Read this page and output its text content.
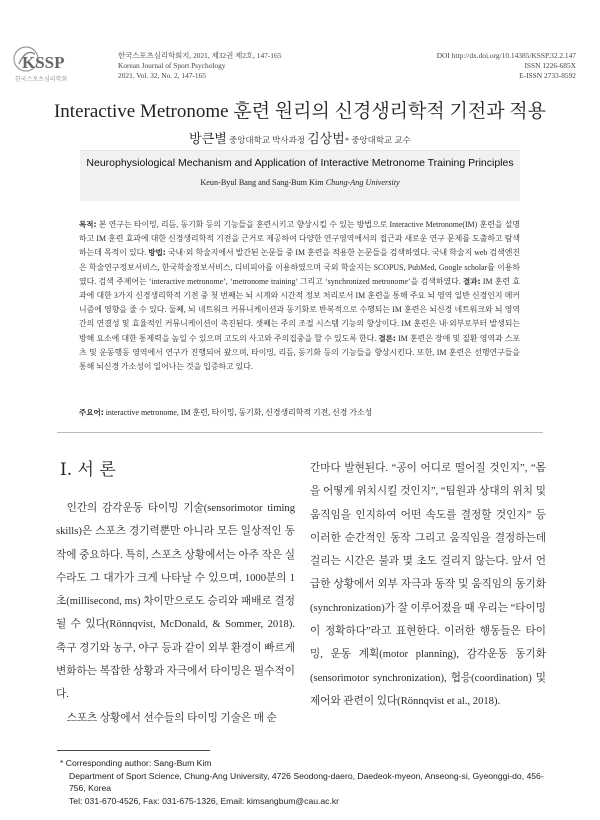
KSSP
한국스포츠심리학회
한국스포츠심리학회지, 2021, 제32권 제2호, 147-165
Korean Journal of Sport Psychology
2021. Vol. 32, No. 2, 147-165
DOI http://dx.doi.org/10.14385/KSSP.32.2.147
ISSN 1226-685X
E-ISSN 2733-8592
Interactive Metronome 훈련 원리의 신경생리학적 기전과 적용
방큰별 중앙대학교 박사과정 김상범* 중앙대학교 교수
Neurophysiological Mechanism and Application of Interactive Metronome Training Principles
Keun-Byul Bang and Sang-Bum Kim Chung-Ang University
목적: 본 연구는 타이밍, 리듬, 동기화 등의 기능들을 훈련시키고 향상시킬 수 있는 방법으로 Interactive Metronome(IM) 훈련을 설명하고 IM 훈련 효과에 대한 신경생리학적 기전을 근거로 제공하여 다양한 연구영역에서의 접근과 새로운 연구 문제를 도출하고 탐색하는데 목적이 있다. 방법: 국내·외 학술지에서 발간된 논문들 중 IM 훈련을 적용한 논문들을 검색하였다. 국내 학술지 web 검색엔진은 학술연구정보서비스, 한국학술정보서비스, 디비피아를 이용하였으며 국외 학술지는 SCOPUS, PubMed, Google scholar를 이용하였다. 검색 주제어는 ‘interactive metronome’, ‘metronome training’ 그리고 ‘synchronized metronome’을 검색하였다. 결과: IM 훈련 효과에 대한 3가지 신경생리학적 기전 중 첫 번째는 뇌 시계와 시간적 정보 처리로서 IM 훈련을 통해 주요 뇌 영역 일반 신경인지 메커니즘에 영향을 줄 수 있다. 둘째, 뇌 네트워크 커뮤니케이션과 동기화로 반복적으로 수행되는 IM 훈련은 뇌신경 네트워크와 뇌 영역 간의 연결성 및 효율적인 커뮤니케이션이 촉진된다. 셋째는 주의 조절 시스템 기능의 향상이다. IM 훈련은 내·외부로부터 발생되는 방해 요소에 대한 통제력을 높일 수 있으며 고도의 사고와 주의집중을 할 수 있도록 한다. 결론: IM 훈련은 장애 및 질환 영역과 스포츠 및 운동행동 영역에서 연구가 진행되어 왔으며, 타이밍, 리듬, 동기화 등의 기능들을 향상시킨다. 또한, IM 훈련은 선행연구들을 통해 뇌신경 가소성이 일어나는 것을 입증하고 있다.
주요어: interactive metronome, IM 훈련, 타이밍, 동기화, 신경생리학적 기전, 신경 가소성
Ⅰ. 서 론

인간의 감각운동 타이밍 기술(sensorimotor timing skills)은 스포츠 경기력뿐만 아니라 모든 일상적인 동작에 중요하다. 특히, 스포츠 상황에서는 아주 작은 실수라도 그 대가가 크게 나타날 수 있으며, 1000분의 1초(millisecond, ms) 차이만으로도 승리와 패배로 결정될 수 있다(Rönnqvist, McDonald, & Sommer, 2018). 축구 경기와 농구, 야구 등과 같이 외부 환경이 빠르게 변화하는 복잡한 상황과 자극에서 타이밍은 필수적이다.

스포츠 상황에서 선수들의 타이밍 기술은 매 순

간마다 발현된다. “공이 어디로 떨어질 것인지”, “몸을 어떻게 위치시킬 것인지”, “팀원과 상대의 위치 및 움직임을 인지하여 어떤 속도를 결정할 것인지” 등 이러한 순간적인 동작 그리고 움직임을 결정하는데 걸리는 시간은 불과 몇 초도 걸리지 않는다. 앞서 언급한 상황에서 외부 자극과 동작 및 움직임의 동기화(synchronization)가 잘 이루어졌을 때 우리는 “타이밍이 정확하다”라고 표현한다. 이러한 행동들은 타이밍, 운동 계획(motor planning), 감각운동 동기화(sensorimotor synchronization), 협응(coordination) 및 제어와 관련이 있다(Rönnqvist et al., 2018).

* Corresponding author: Sang-Bum Kim
Department of Sport Science, Chung-Ang University, 4726 Seodong-daero, Daedeok-myeon, Anseong-si, Gyeonggi-do, 456-756, Korea
Tel: 031-670-4526, Fax: 031-675-1326, Email: kimsangbum@cau.ac.kr
